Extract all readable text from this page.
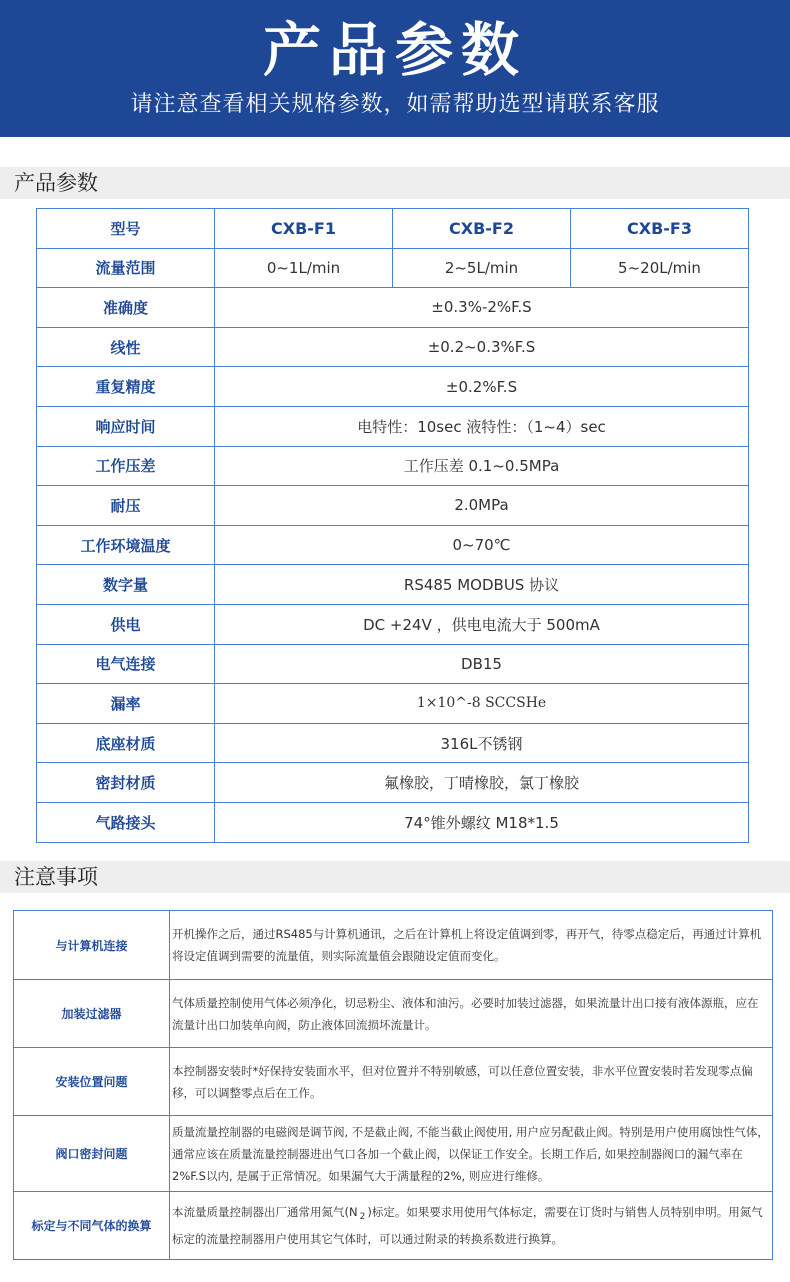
产品参数
请注意查看相关规格参数，如需帮助选型请联系客服
产品参数
型号	CXB-F1	CXB-F2	CXB-F3
流量范围	0~1L/min	2~5L/min	5~20L/min
准确度	±0.3%-2%F.S		
线性	±0.2~0.3%F.S		
重复精度	±0.2%F.S		
响应时间	电特性：10sec 液特性：（1~4）sec		
工作压差	工作压差 0.1~0.5MPa		
耐压	2.0MPa		
工作环境温度	0~70℃		
数字量	RS485 MODBUS 协议		
供电	DC +24V ，供电电流大于 500mA		
电气连接	DB15		
漏率	1×10^-8 SCCSHe		
底座材质	316L不锈钢		
密封材质	氟橡胶，丁晴橡胶，氯丁橡胶		
气路接头	74°锥外螺纹 M18*1.5		
注意事项
与计算机连接	开机操作之后，通过RS485与计算机通讯，之后在计算机上将设定值调到零，再开气，待零点稳定后，再通过计算机将设定值调到需要的流量值，则实际流量值会跟随设定值而变化。
加装过滤器	气体质量控制使用气体必须净化，切忌粉尘、液体和油污。必要时加装过滤器，如果流量计出口接有液体源瓶，应在流量计出口加装单向阀，防止液体回流损坏流量计。
安装位置问题	本控制器安装时*好保持安装面水平，但对位置并不特别敏感，可以任意位置安装，非水平位置安装时若发现零点偏移，可以调整零点后在工作。
阀口密封问题	质量流量控制器的电磁阀是调节阀, 不是截止阀, 不能当截止阀使用, 用户应另配截止阀。特别是用户使用腐蚀性气体，通常应该在质量流量控制器进出气口各加一个截止阀，以保证工作安全。长期工作后, 如果控制器阀口的漏气率在2%F.S以内, 是属于正常情况。如果漏气大于满量程的2%, 则应进行维修。
标定与不同气体的换算	本流量质量控制器出厂通常用氮气(N $_2$ )标定。如果要求用使用气体标定，需要在订货时与销售人员特别申明。用氮气标定的流量控制器用户使用其它气体时，可以通过附录的转换系数进行换算。
